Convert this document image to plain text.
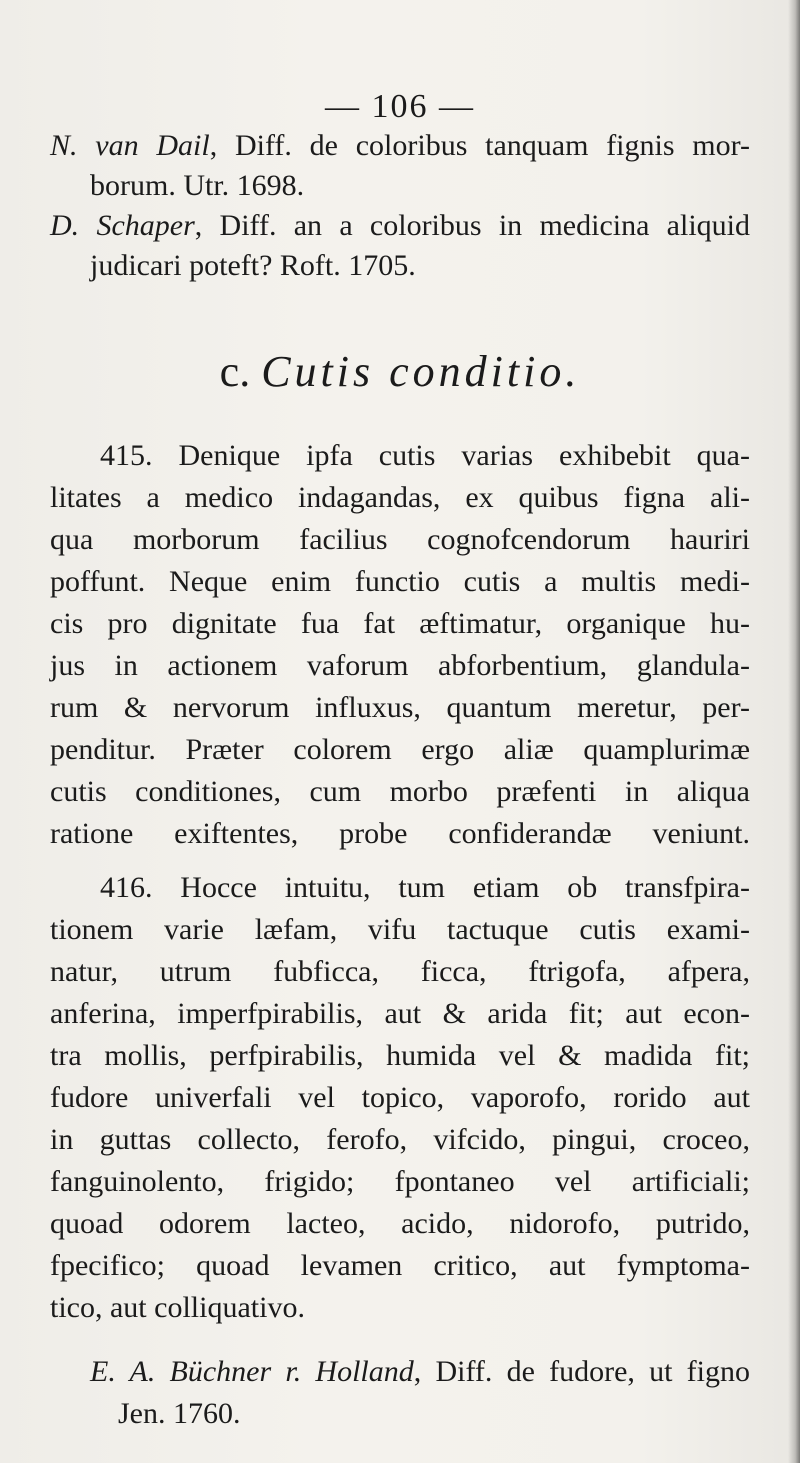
— 106 —
N. van Dail, Diff. de coloribus tanquam fignis mor-
borum. Utr. 1698.
D. Schaper, Diff. an a coloribus in medicina aliquid
judicari poteft? Roft. 1705.
c. Cutis conditio.
415. Denique ipfa cutis varias exhibebit qua-
litates a medico indagandas, ex quibus figna ali-
qua morborum facilius cognofcendorum hauriri
poffunt. Neque enim functio cutis a multis medi-
cis pro dignitate fua fat æftimatur, organique hu-
jus in actionem vaforum abforbentium, glandula-
rum & nervorum influxus, quantum meretur, per-
penditur. Præter colorem ergo aliæ quamplurimæ
cutis conditiones, cum morbo præfenti in aliqua
ratione exiftentes, probe confiderandæ veniunt.
416. Hocce intuitu, tum etiam ob transfpira-
tionem varie læfam, vifu tactuque cutis exami-
natur, utrum fubficca, ficca, ftrigofa, afpera,
anferina, imperfpirabilis, aut & arida fit; aut econ-
tra mollis, perfpirabilis, humida vel & madida fit;
fudore univerfali vel topico, vaporofo, rorido aut
in guttas collecto, ferofo, vifcido, pingui, croceo,
fanguinolento, frigido; fpontaneo vel artificiali;
quoad odorem lacteo, acido, nidorofo, putrido,
fpecifico; quoad levamen critico, aut fymptoma-
tico, aut colliquativo.
E. A. Büchner r. Holland, Diff. de fudore, ut figno
Jen. 1760.
